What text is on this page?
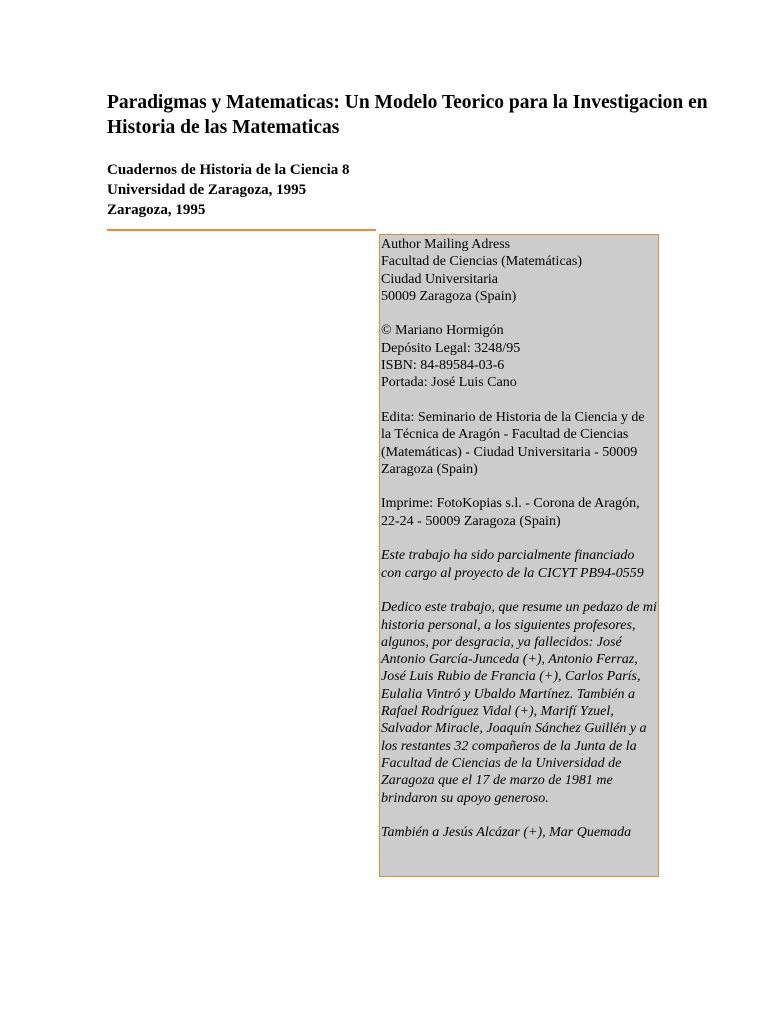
Paradigmas y Matematicas: Un Modelo Teorico para la Investigacion en
Historia de las Matematicas
Cuadernos de Historia de la Ciencia 8
Universidad de Zaragoza, 1995
Zaragoza, 1995

Author Mailing Adress
Facultad de Ciencias (Matemáticas)
Ciudad Universitaria
50009 Zaragoza (Spain)

© Mariano Hormigón
Depósito Legal: 3248/95
ISBN: 84-89584-03-6
Portada: José Luis Cano

Edita: Seminario de Historia de la Ciencia y de la Técnica de Aragón - Facultad de Ciencias (Matemáticas) - Ciudad Universitaria - 50009 Zaragoza (Spain)

Imprime: FotoKopias s.l. - Corona de Aragón, 22-24 - 50009 Zaragoza (Spain)

Este trabajo ha sido parcialmente financiado con cargo al proyecto de la CICYT PB94-0559

Dedico este trabajo, que resume un pedazo de mi historia personal, a los siguientes profesores, algunos, por desgracia, ya fallecidos: José Antonio García-Junceda (+), Antonio Ferraz, José Luis Rubio de Francia (+), Carlos París, Eulalia Vintró y Ubaldo Martínez. También a Rafael Rodríguez Vidal (+), Marifí Yzuel, Salvador Miracle, Joaquín Sánchez Guillén y a los restantes 32 compañeros de la Junta de la Facultad de Ciencias de la Universidad de Zaragoza que el 17 de marzo de 1981 me brindaron su apoyo generoso.

También a Jesús Alcázar (+), Mar Quemada
